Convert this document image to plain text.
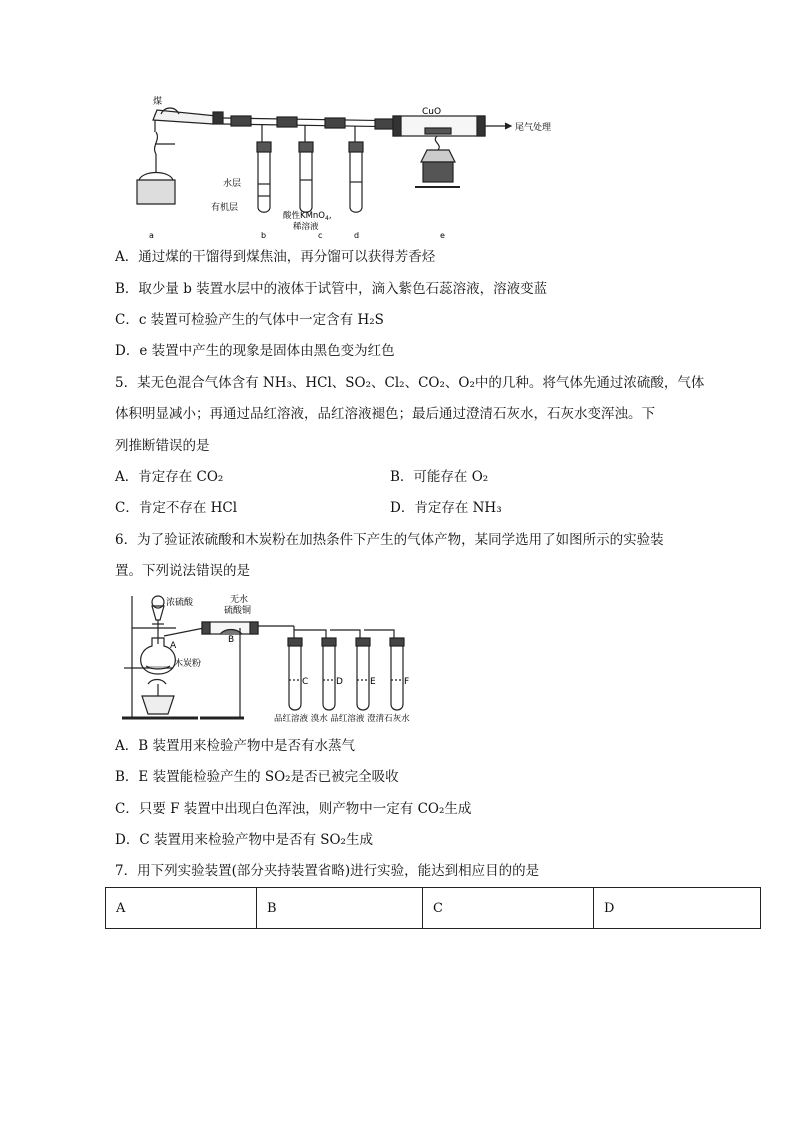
煤
CuO
尾气处理
水层
有机层
酸性KMnO$_4$,
稀溶液
a	b	c	d	e
A．通过煤的干馏得到煤焦油，再分馏可以获得芳香烃
B．取少量 b 装置水层中的液体于试管中，滴入紫色石蕊溶液，溶液变蓝
C．c 装置可检验产生的气体中一定含有 H₂S
D．e 装置中产生的现象是固体由黑色变为红色
5．某无色混合气体含有 NH₃、HCl、SO₂、Cl₂、CO₂、O₂中的几种。将气体先通过浓硫酸，气体
体积明显减小；再通过品红溶液，品红溶液褪色；最后通过澄清石灰水，石灰水变浑浊。下
列推断错误的是
A．肯定存在 CO₂	B．可能存在 O₂
C．肯定不存在 HCl	D．肯定存在 NH₃
6．为了验证浓硫酸和木炭粉在加热条件下产生的气体产物，某同学选用了如图所示的实验装
置。下列说法错误的是
浓硫酸	无水
硫酸铜
木炭粉
A
B
C	D	E	F
品红溶液 溴水 品红溶液 澄清石灰水
A．B 装置用来检验产物中是否有水蒸气
B．E 装置能检验产生的 SO₂是否已被完全吸收
C．只要 F 装置中出现白色浑浊，则产物中一定有 CO₂生成
D．C 装置用来检验产物中是否有 SO₂生成
7．用下列实验装置(部分夹持装置省略)进行实验，能达到相应目的的是
A	B	C	D
